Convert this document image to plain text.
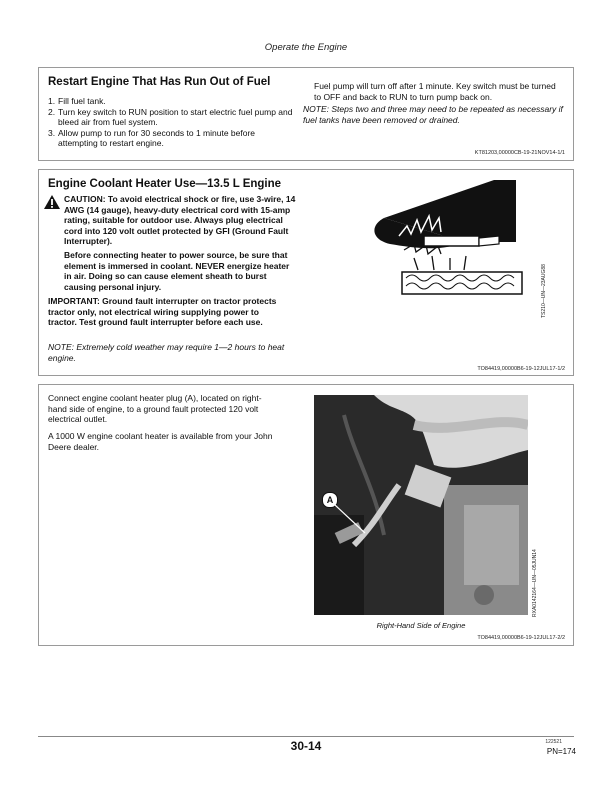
Operate the Engine
Restart Engine That Has Run Out of Fuel
1. Fill fuel tank.
2. Turn key switch to RUN position to start electric fuel pump and bleed air from fuel system.
3. Allow pump to run for 30 seconds to 1 minute before attempting to restart engine.
Fuel pump will turn off after 1 minute. Key switch must be turned to OFF and back to RUN to turn pump back on.
NOTE: Steps two and three may need to be repeated as necessary if fuel tanks have been removed or drained.
KT81203,00000CB-19-21NOV14-1/1
Engine Coolant Heater Use—13.5 L Engine
CAUTION: To avoid electrical shock or fire, use 3-wire, 14 AWG (14 gauge), heavy-duty electrical cord with 15-amp rating, suitable for outdoor use. Always plug electrical cord into 120 volt outlet protected by GFI (Ground Fault Interrupter).
Before connecting heater to power source, be sure that element is immersed in coolant. NEVER energize heater in air. Doing so can cause element sheath to burst causing personal injury.
IMPORTANT: Ground fault interrupter on tractor protects tractor only, not electrical wiring supplying power to tractor. Test ground fault interrupter before each use.
NOTE: Extremely cold weather may require 1—2 hours to heat engine.
TS210—UN—23AUG88
TO84419,00000B6-19-12JUL17-1/2
Connect engine coolant heater plug (A), located on right-hand side of engine, to a ground fault protected 120 volt electrical outlet.
A 1000 W engine coolant heater is available from your John Deere dealer.
A
RXA0142164—UN—05JUN14
Right-Hand Side of Engine
TO84419,00000B6-19-12JUL17-2/2
30-14	122521
PN=174
